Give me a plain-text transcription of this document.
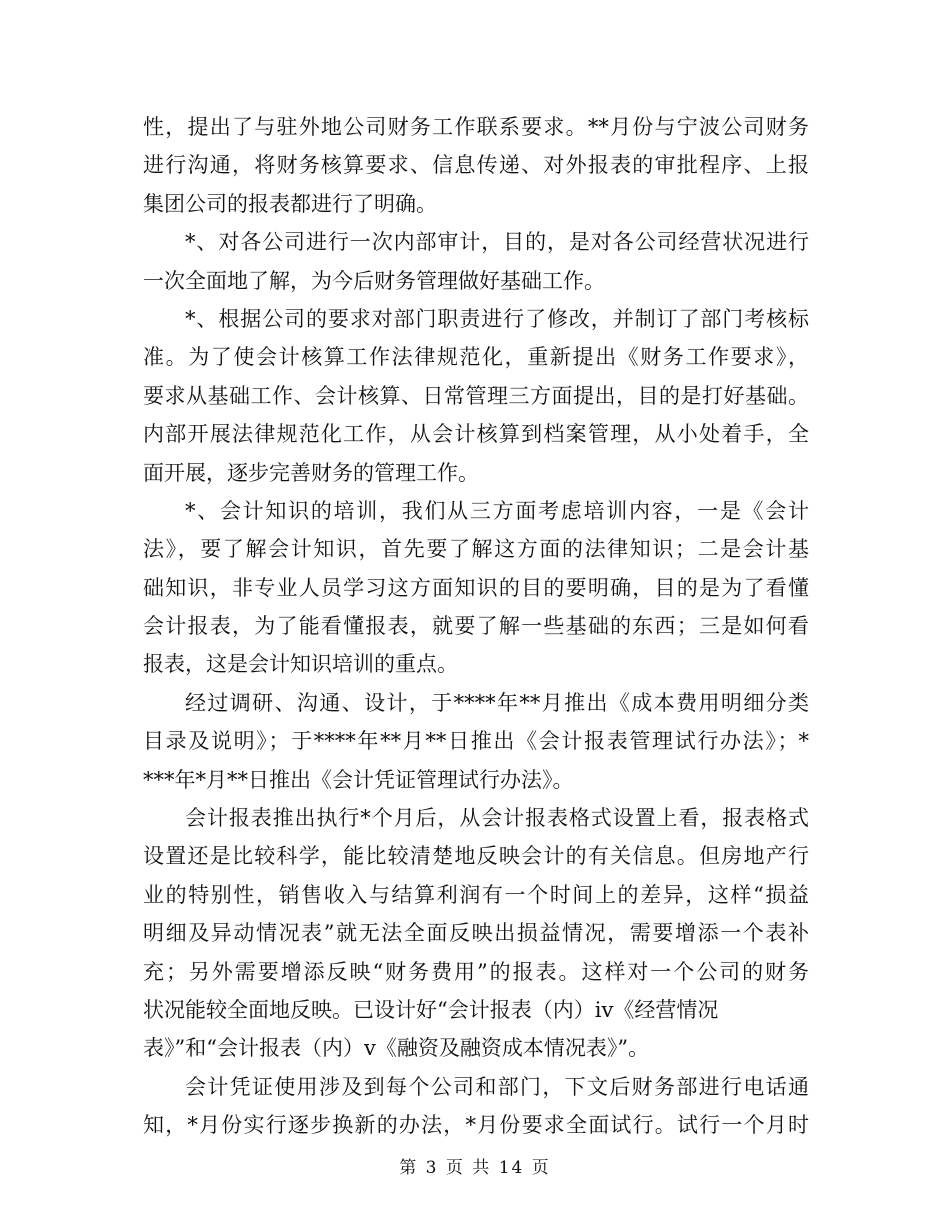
性，提出了与驻外地公司财务工作联系要求。**月份与宁波公司财务
进行沟通，将财务核算要求、信息传递、对外报表的审批程序、上报
集团公司的报表都进行了明确。
*、对各公司进行一次内部审计，目的，是对各公司经营状况进行
一次全面地了解，为今后财务管理做好基础工作。
*、根据公司的要求对部门职责进行了修改，并制订了部门考核标
准。为了使会计核算工作法律规范化，重新提出《财务工作要求》，
要求从基础工作、会计核算、日常管理三方面提出，目的是打好基础。
内部开展法律规范化工作，从会计核算到档案管理，从小处着手，全
面开展，逐步完善财务的管理工作。
*、会计知识的培训，我们从三方面考虑培训内容，一是《会计
法》，要了解会计知识，首先要了解这方面的法律知识；二是会计基
础知识，非专业人员学习这方面知识的目的要明确，目的是为了看懂
会计报表，为了能看懂报表，就要了解一些基础的东西；三是如何看
报表，这是会计知识培训的重点。
经过调研、沟通、设计，于****年**月推出《成本费用明细分类
目录及说明》；于****年**月**日推出《会计报表管理试行办法》；*
***年*月**日推出《会计凭证管理试行办法》。
会计报表推出执行*个月后，从会计报表格式设置上看，报表格式
设置还是比较科学，能比较清楚地反映会计的有关信息。但房地产行
业的特别性，销售收入与结算利润有一个时间上的差异，这样“损益
明细及异动情况表”就无法全面反映出损益情况，需要增添一个表补
充；另外需要增添反映“财务费用”的报表。这样对一个公司的财务
状况能较全面地反映。已设计好“会计报表（内）iv《经营情况
表》”和“会计报表（内）v《融资及融资成本情况表》”。
会计凭证使用涉及到每个公司和部门，下文后财务部进行电话通
知，*月份实行逐步换新的办法，*月份要求全面试行。试行一个月时
第 3 页 共 14 页
